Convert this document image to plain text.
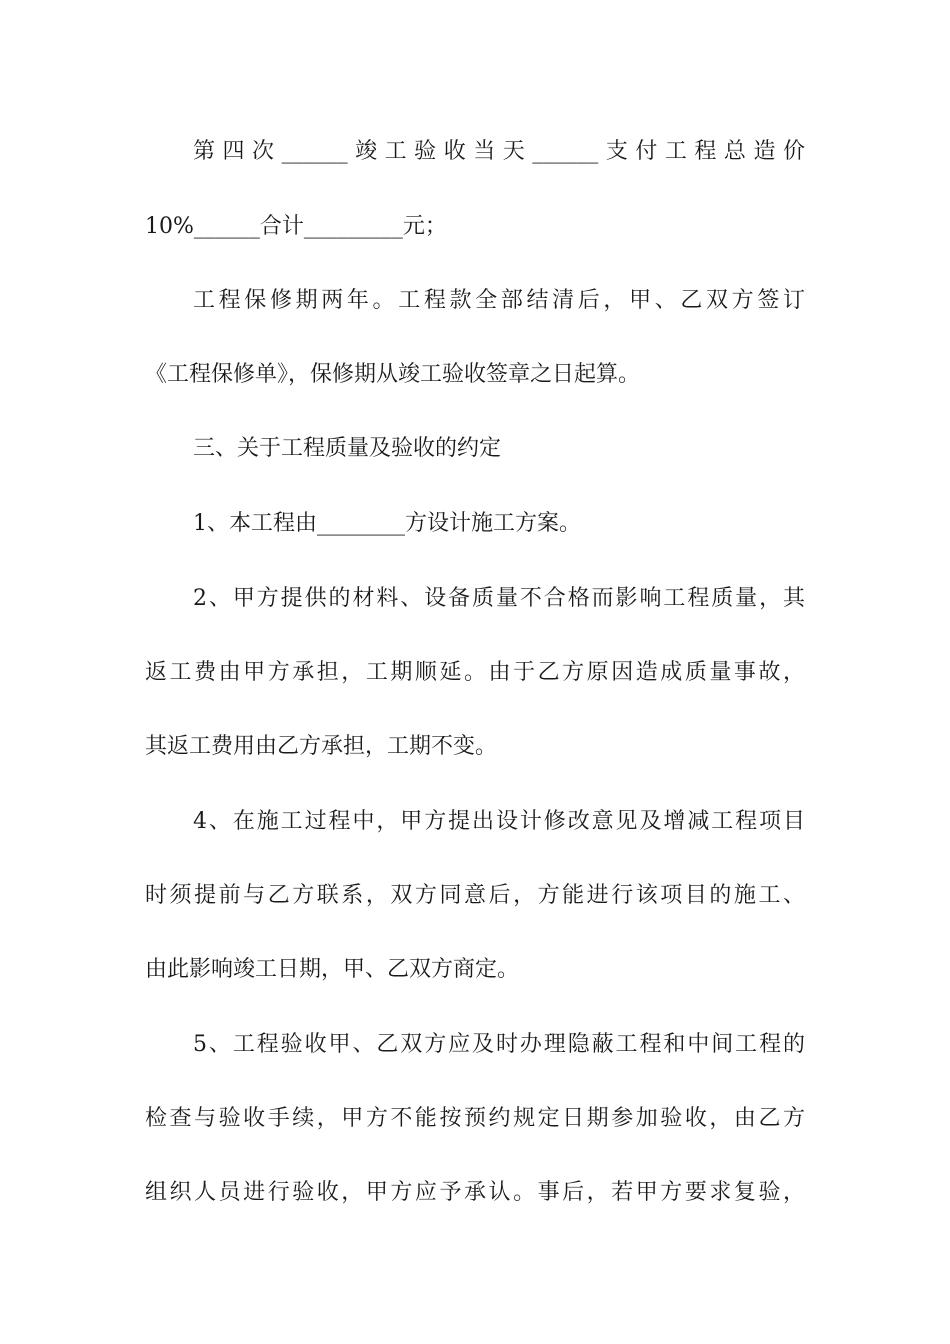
第四次______竣工验收当天______支付工程总造价

10%______合计_________元；

工程保修期两年。工程款全部结清后，甲、乙双方签订

《工程保修单》，保修期从竣工验收签章之日起算。

三、关于工程质量及验收的约定

1、本工程由________方设计施工方案。

2、甲方提供的材料、设备质量不合格而影响工程质量，其

返工费由甲方承担，工期顺延。由于乙方原因造成质量事故，

其返工费用由乙方承担，工期不变。

4、在施工过程中，甲方提出设计修改意见及增减工程项目

时须提前与乙方联系，双方同意后，方能进行该项目的施工、

由此影响竣工日期，甲、乙双方商定。

5、工程验收甲、乙双方应及时办理隐蔽工程和中间工程的

检查与验收手续，甲方不能按预约规定日期参加验收，由乙方

组织人员进行验收，甲方应予承认。事后，若甲方要求复验，
